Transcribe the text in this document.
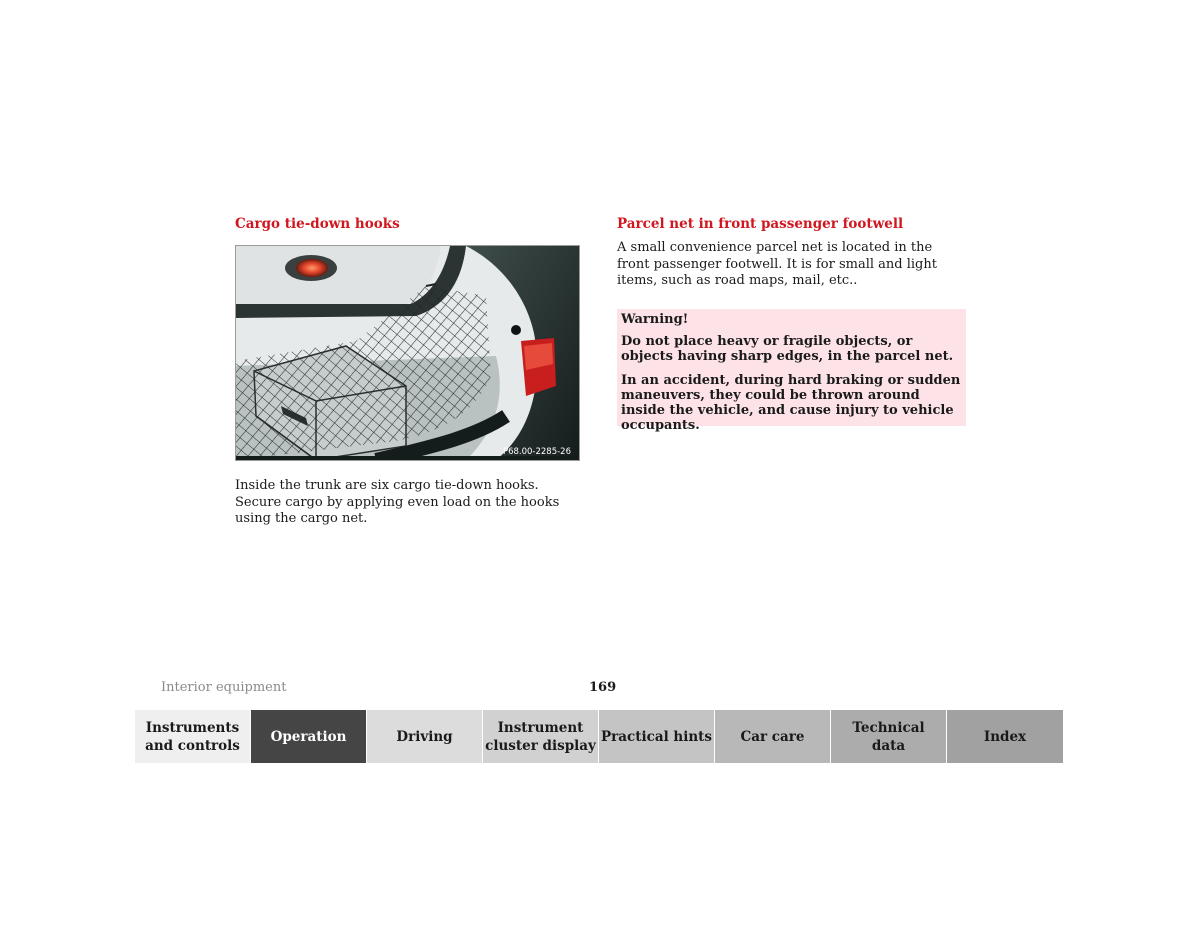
Cargo tie-down hooks
P68.00-2285-26

Inside the trunk are six cargo tie-down hooks. Secure cargo by applying even load on the hooks using the cargo net.

Parcel net in front passenger footwell

A small convenience parcel net is located in the front passenger footwell. It is for small and light items, such as road maps, mail, etc..

Warning!

Do not place heavy or fragile objects, or objects having sharp edges, in the parcel net.

In an accident, during hard braking or sudden maneuvers, they could be thrown around inside the vehicle, and cause injury to vehicle occupants.

Interior equipment	169
Instruments
and controls
Operation	Driving
Instrument
cluster display
Practical hints Car care
Technical
data
Index
